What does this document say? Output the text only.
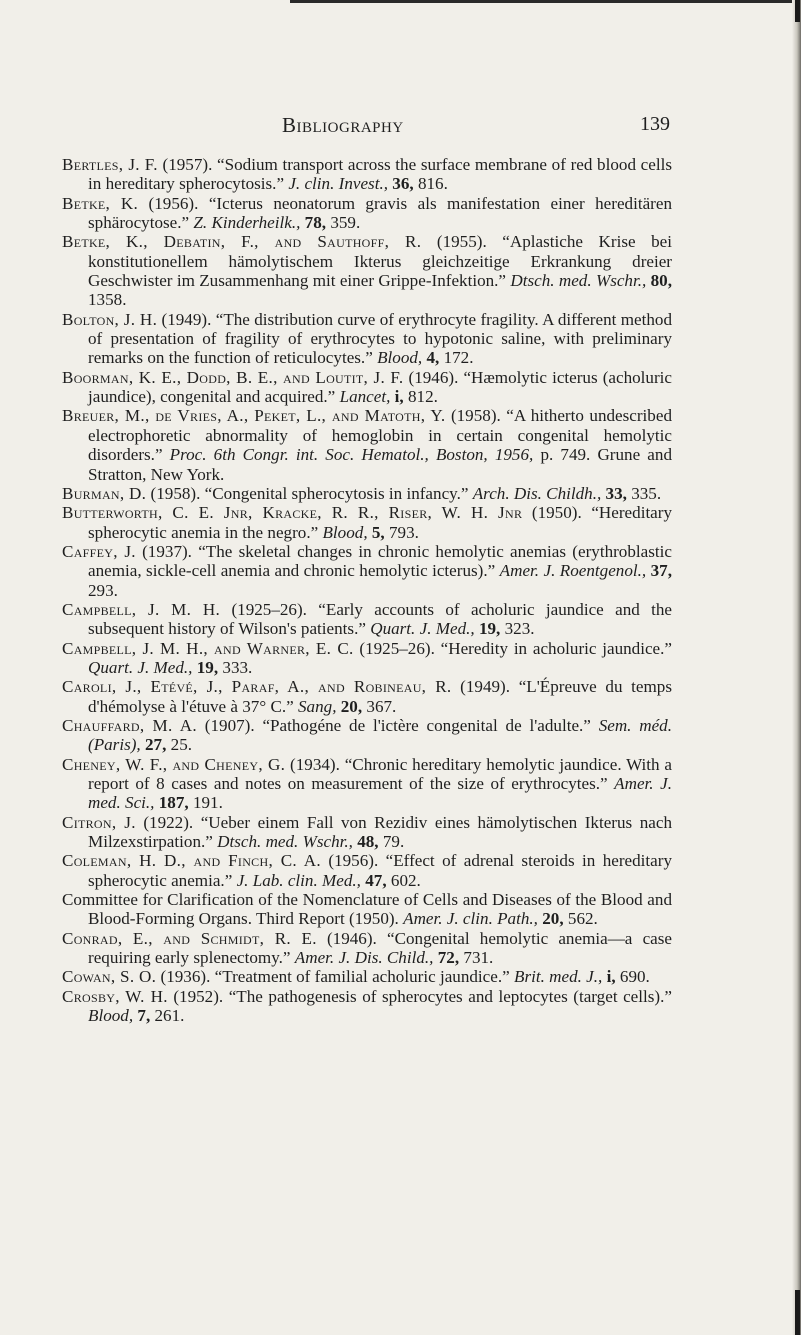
Bibliography	139

Bertles, J. F. (1957). “Sodium transport across the surface membrane of red blood cells in hereditary spherocytosis.” J. clin. Invest., 36, 816.

Betke, K. (1956). “Icterus neonatorum gravis als manifestation einer hereditären sphärocytose.” Z. Kinderheilk., 78, 359.

Betke, K., Debatin, F., and Sauthoff, R. (1955). “Aplastiche Krise bei konstitutionellem hämolytischem Ikterus gleichzeitige Erkrankung dreier Geschwister im Zusammenhang mit einer Grippe-Infektion.” Dtsch. med. Wschr., 80, 1358.

Bolton, J. H. (1949). “The distribution curve of erythrocyte fragility. A different method of presentation of fragility of erythrocytes to hypotonic saline, with preliminary remarks on the function of reticulocytes.” Blood, 4, 172.

Boorman, K. E., Dodd, B. E., and Loutit, J. F. (1946). “Hæmolytic icterus (acholuric jaundice), congenital and acquired.” Lancet, i, 812.

Breuer, M., de Vries, A., Peket, L., and Matoth, Y. (1958). “A hitherto undescribed electrophoretic abnormality of hemoglobin in certain congenital hemolytic disorders.” Proc. 6th Congr. int. Soc. Hematol., Boston, 1956, p. 749. Grune and Stratton, New York.

Burman, D. (1958). “Congenital spherocytosis in infancy.” Arch. Dis. Childh., 33, 335.

Butterworth, C. E. Jnr, Kracke, R. R., Riser, W. H. Jnr (1950). “Hereditary spherocytic anemia in the negro.” Blood, 5, 793.

Caffey, J. (1937). “The skeletal changes in chronic hemolytic anemias (erythroblastic anemia, sickle-cell anemia and chronic hemolytic icterus).” Amer. J. Roentgenol., 37, 293.

Campbell, J. M. H. (1925–26). “Early accounts of acholuric jaundice and the subsequent history of Wilson's patients.” Quart. J. Med., 19, 323.

Campbell, J. M. H., and Warner, E. C. (1925–26). “Heredity in acholuric jaundice.” Quart. J. Med., 19, 333.

Caroli, J., Etévé, J., Paraf, A., and Robineau, R. (1949). “L'Épreuve du temps d'hémolyse à l'étuve à 37° C.” Sang, 20, 367.

Chauffard, M. A. (1907). “Pathogéne de l'ictère congenital de l'adulte.” Sem. méd. (Paris), 27, 25.

Cheney, W. F., and Cheney, G. (1934). “Chronic hereditary hemolytic jaundice. With a report of 8 cases and notes on measurement of the size of erythrocytes.” Amer. J. med. Sci., 187, 191.

Citron, J. (1922). “Ueber einem Fall von Rezidiv eines hämolytischen Ikterus nach Milzexstirpation.” Dtsch. med. Wschr., 48, 79.

Coleman, H. D., and Finch, C. A. (1956). “Effect of adrenal steroids in hereditary spherocytic anemia.” J. Lab. clin. Med., 47, 602.

Committee for Clarification of the Nomenclature of Cells and Diseases of the Blood and Blood-Forming Organs. Third Report (1950). Amer. J. clin. Path., 20, 562.

Conrad, E., and Schmidt, R. E. (1946). “Congenital hemolytic anemia—a case requiring early splenectomy.” Amer. J. Dis. Child., 72, 731.

Cowan, S. O. (1936). “Treatment of familial acholuric jaundice.” Brit. med. J., i, 690.

Crosby, W. H. (1952). “The pathogenesis of spherocytes and leptocytes (target cells).” Blood, 7, 261.
